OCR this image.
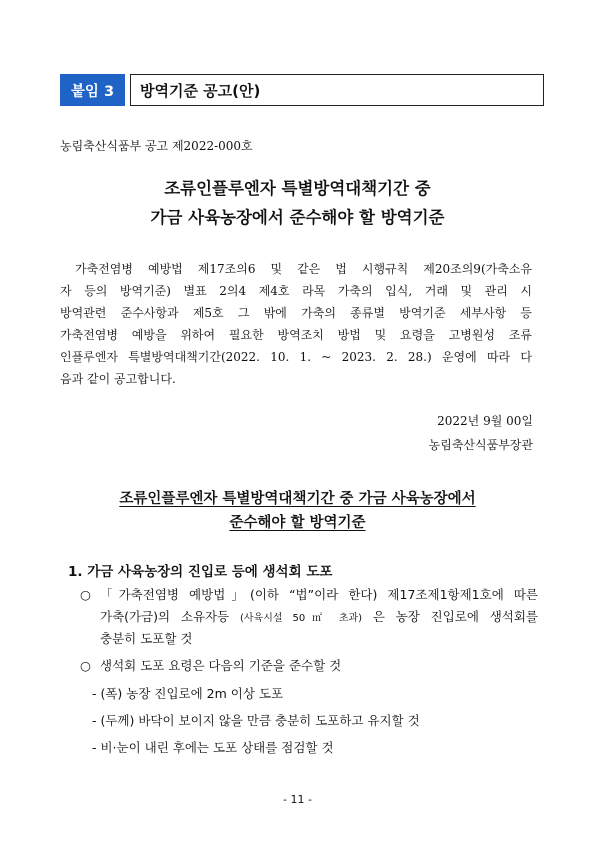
붙임 3	방역기준 공고(안)
농림축산식품부 공고 제2022-000호
조류인플루엔자 특별방역대책기간 중
가금 사육농장에서 준수해야 할 방역기준
가축전염병 예방법 제17조의6 및 같은 법 시행규칙 제20조의9(가축소유
자 등의 방역기준) 별표 2의4 제4호 라목 가축의 입식, 거래 및 관리 시
방역관련 준수사항과 제5호 그 밖에 가축의 종류별 방역기준 세부사항 등
가축전염병 예방을 위하여 필요한 방역조치 방법 및 요령을 고병원성 조류
인플루엔자 특별방역대책기간(2022. 10. 1. ~ 2023. 2. 28.) 운영에 따라 다
음과 같이 공고합니다.
2022년 9월 00일
농림축산식품부장관
조류인플루엔자 특별방역대책기간 중 가금 사육농장에서
준수해야 할 방역기준
1. 가금 사육농장의 진입로 등에 생석회 도포
○ 「가축전염병 예방법」(이하 “법”이라 한다) 제17조제1항제1호에 따른
가축(가금)의 소유자등 (사육시설 50㎡ 초과) 은 농장 진입로에 생석회를
충분히 도포할 것
○ 생석회 도포 요령은 다음의 기준을 준수할 것
- (폭) 농장 진입로에 2m 이상 도포
- (두께) 바닥이 보이지 않을 만큼 충분히 도포하고 유지할 것
- 비·눈이 내린 후에는 도포 상태를 점검할 것
- 11 -
